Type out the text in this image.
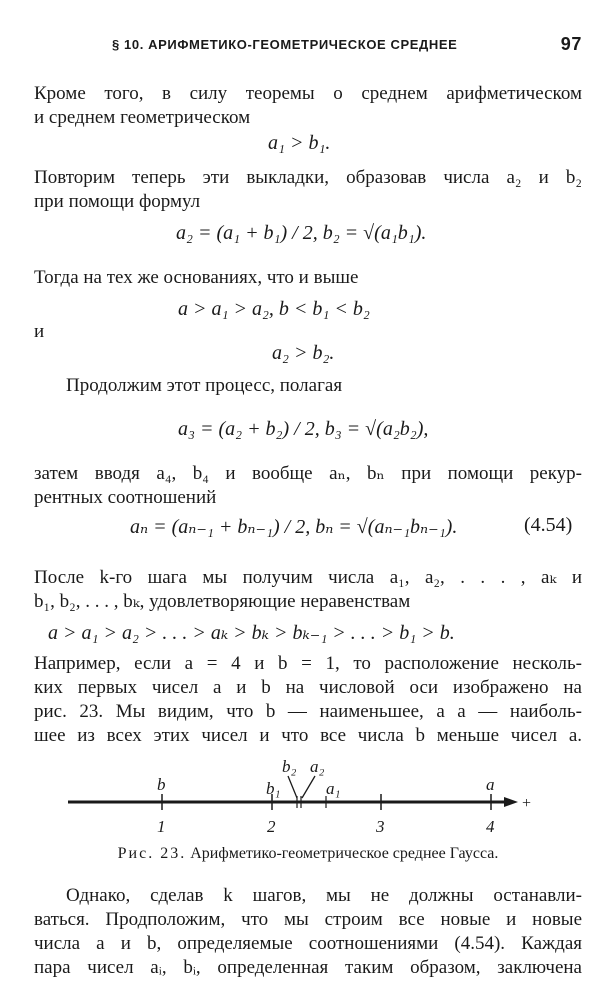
§ 10. АРИФМЕТИКО-ГЕОМЕТРИЧЕСКОЕ СРЕДНЕЕ	97
Кроме того, в силу теоремы о среднем арифметическом
и среднем геометрическом
a₁ > b₁.
Повторим теперь эти выкладки, образовав числа a₂ и b₂
при помощи формул
a₂ = (a₁ + b₁) / 2, b₂ = √(a₁b₁).
Тогда на тех же основаниях, что и выше
a > a₁ > a₂, b < b₁ < b₂
и
a₂ > b₂.
Продолжим этот процесс, полагая
a₃ = (a₂ + b₂) / 2, b₃ = √(a₂b₂),
затем вводя a₄, b₄ и вообще aₙ, bₙ при помощи рекур-
рентных соотношений
aₙ = (aₙ₋₁ + bₙ₋₁) / 2, bₙ = √(aₙ₋₁bₙ₋₁).	(4.54)
После k-го шага мы получим числа a₁, a₂, . . . , aₖ и
b₁, b₂, . . . , bₖ, удовлетворяющие неравенствам
a > a₁ > a₂ > . . . > aₖ > bₖ > bₖ₋₁ > . . . > b₁ > b.
Например, если a = 4 и b = 1, то расположение несколь-
ких первых чисел a и b на числовой оси изображено на
рис. 23. Мы видим, что b — наименьшее, а a — наиболь-
шее из всех этих чисел и что все числа b меньше чисел a.
+
1	2	3	4
b	b₁
b₂ a₂
a₁	a
Рис. 23. Арифметико-геометрическое среднее Гаусса.
Однако, сделав k шагов, мы не должны останавли-
ваться. Продположим, что мы строим все новые и новые
числа a и b, определяемые соотношениями (4.54). Каждая
пара чисел aᵢ, bᵢ, определенная таким образом, заключена
